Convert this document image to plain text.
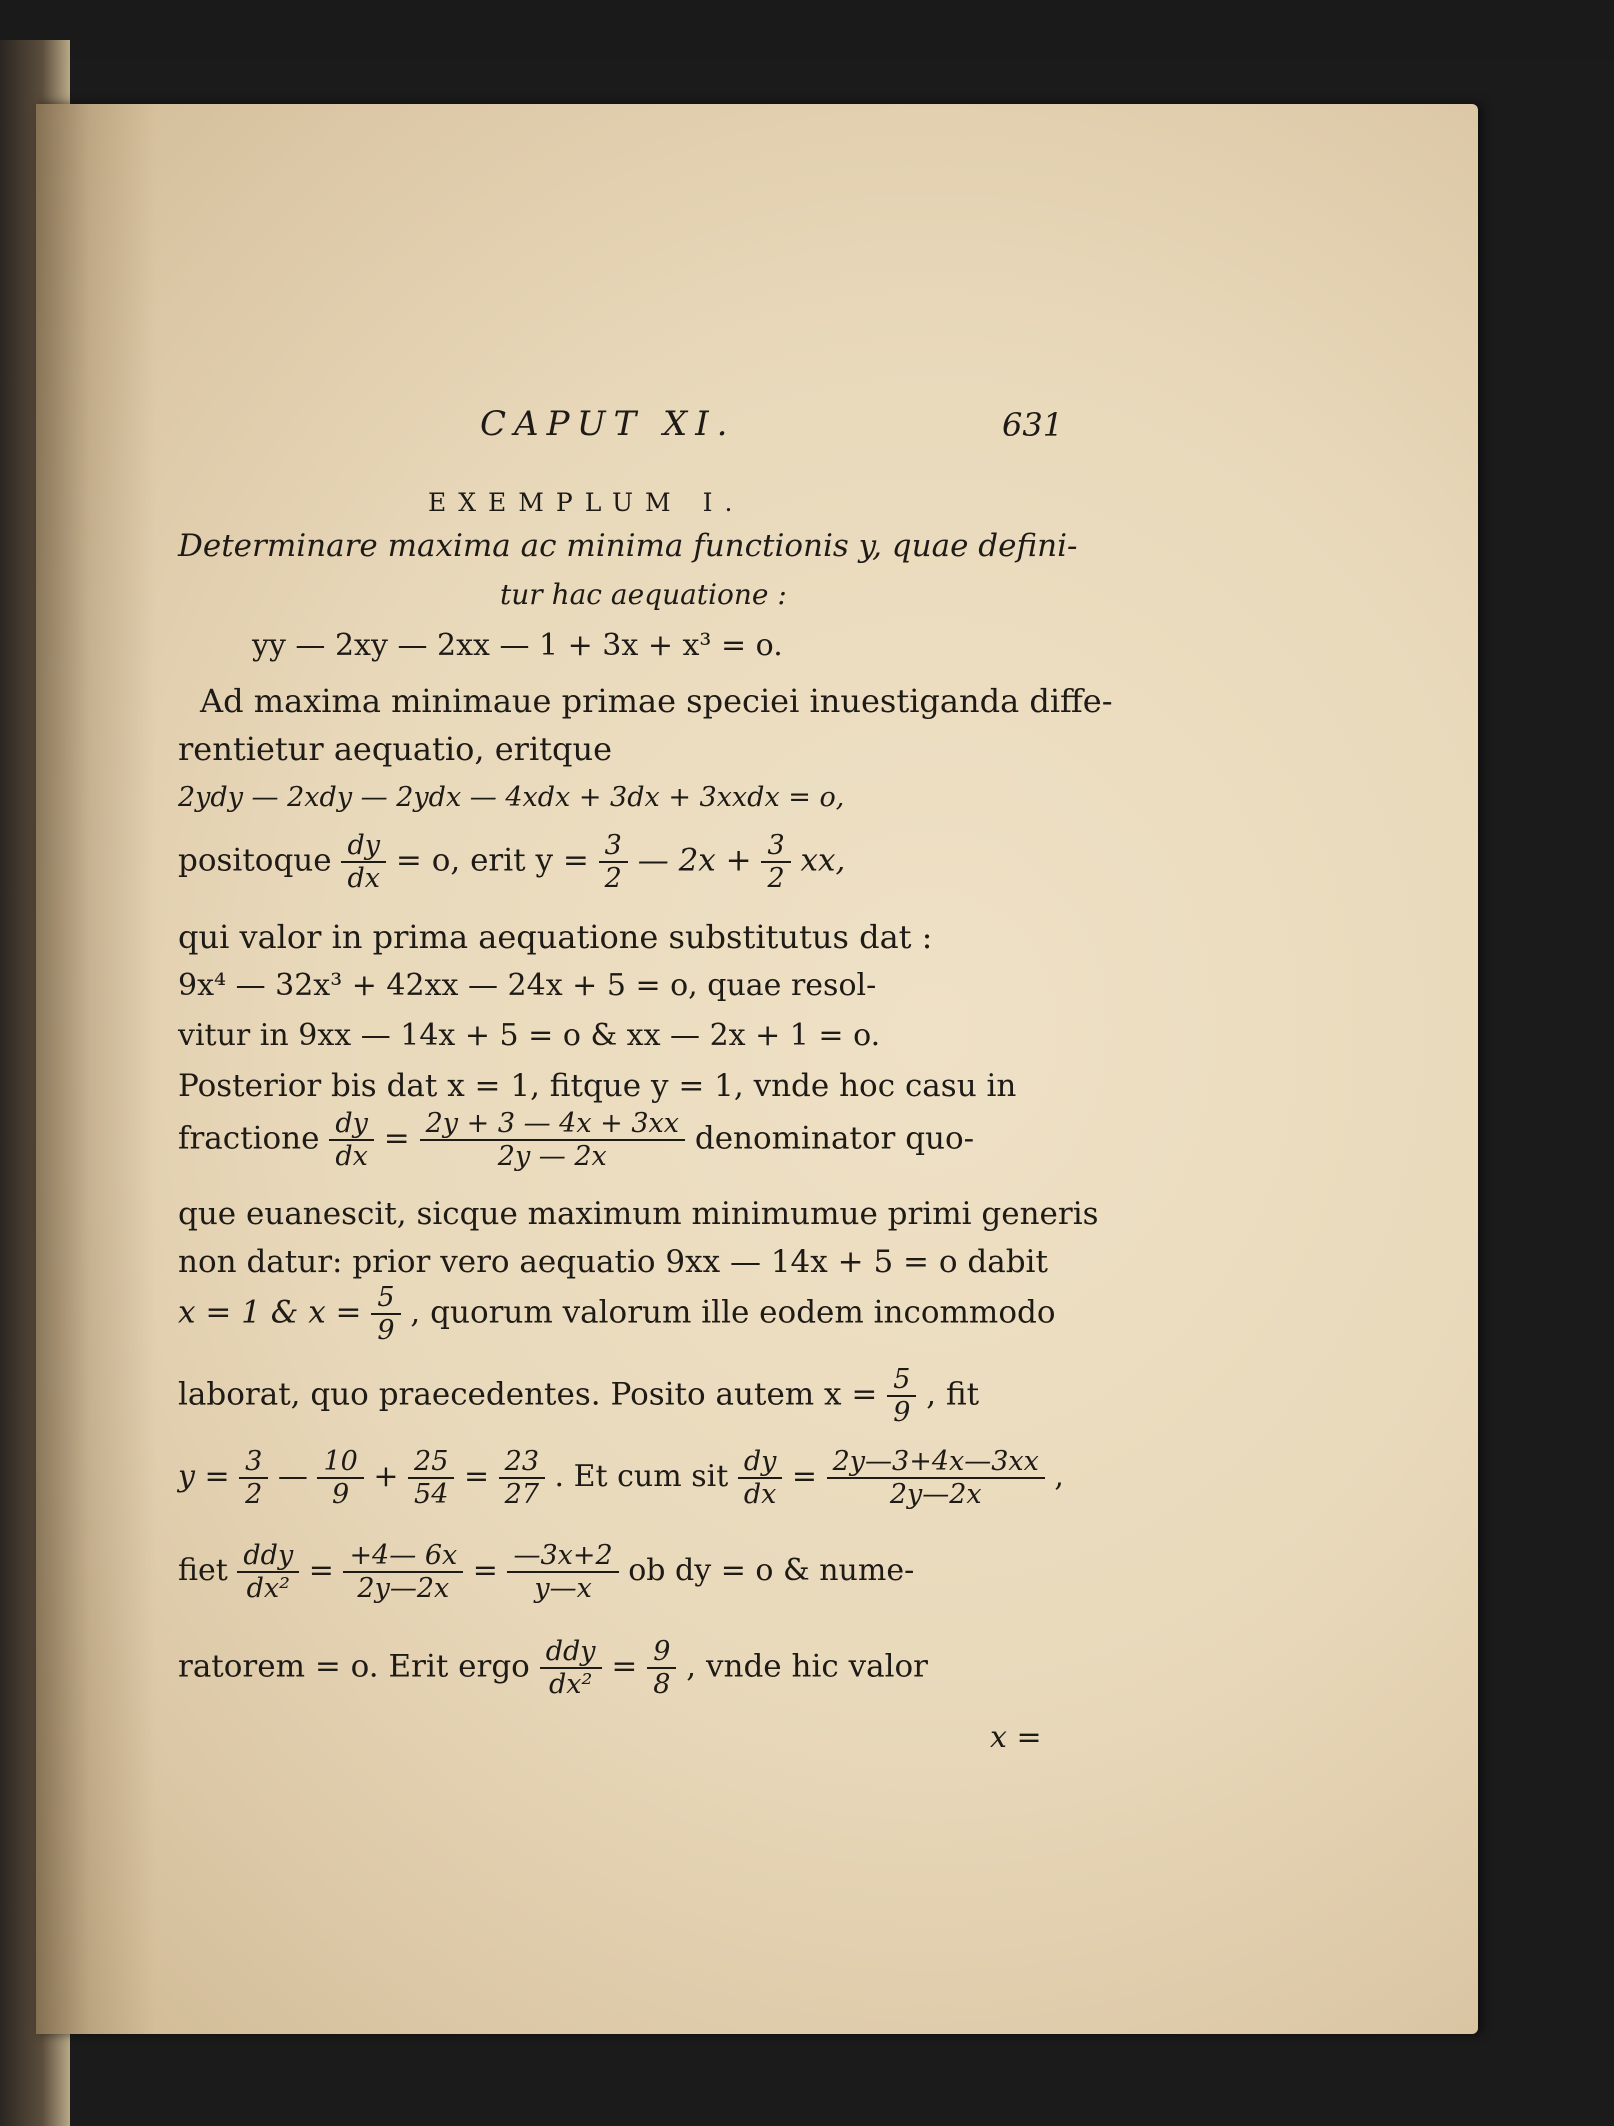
CAPUT XI.	631
EXEMPLUM I.
Determinare maxima ac minima functionis y, quae defini-
tur hac aequatione :
yy — 2xy — 2xx — 1 + 3x + x³ = o.
Ad maxima minimaue primae speciei inuestiganda diffe-
rentietur aequatio, eritque
2ydy — 2xdy — 2ydx — 4xdx + 3dx + 3xxdx = o,
positoque $\frac{dy}{dx} = o$, erit $y = \frac{3}{2}$ — $2x + \frac{3}{2}$ xx,
qui valor in prima aequatione substitutus dat :
9x⁴ — 32x³ + 42xx — 24x + 5 = o, quae resol-
vitur in 9xx — 14x + 5 = o & xx — 2x + 1 = o.
Posterior bis dat x = 1, fitque y = 1, vnde hoc casu in
fractione $\frac{dy}{dx} = \frac{2y + 3 — 4x + 3xx}{2y — 2x}$ denominator quo-
que euanescit, sicque maximum minimumue primi generis
non datur: prior vero aequatio 9xx — 14x + 5 = o dabit
x = 1 & $x = \frac{5}{9}$ , quorum valorum ille eodem incommodo
laborat, quo praecedentes. Posito autem $x = \frac{5}{9}$ , fit
$y = \frac{3}{2}$ — $\frac{10}{9} + \frac{25}{54} = \frac{23}{27}$ . Et cum sit $\frac{dy}{dx} = \frac{2y—3+4x—3xx}{2y—2x}$ ,
fiet $\frac{\text{ddy}}{\text{dx²}} = \frac{+4— 6x}{2y—2x} = \frac{—3x+2}{y—x}$ ob dy = o & nume-
ratorem = o. Erit ergo $\frac{\text{ddy}}{\text{dx²}} = \frac{9}{8}$ , vnde hic valor
x =
